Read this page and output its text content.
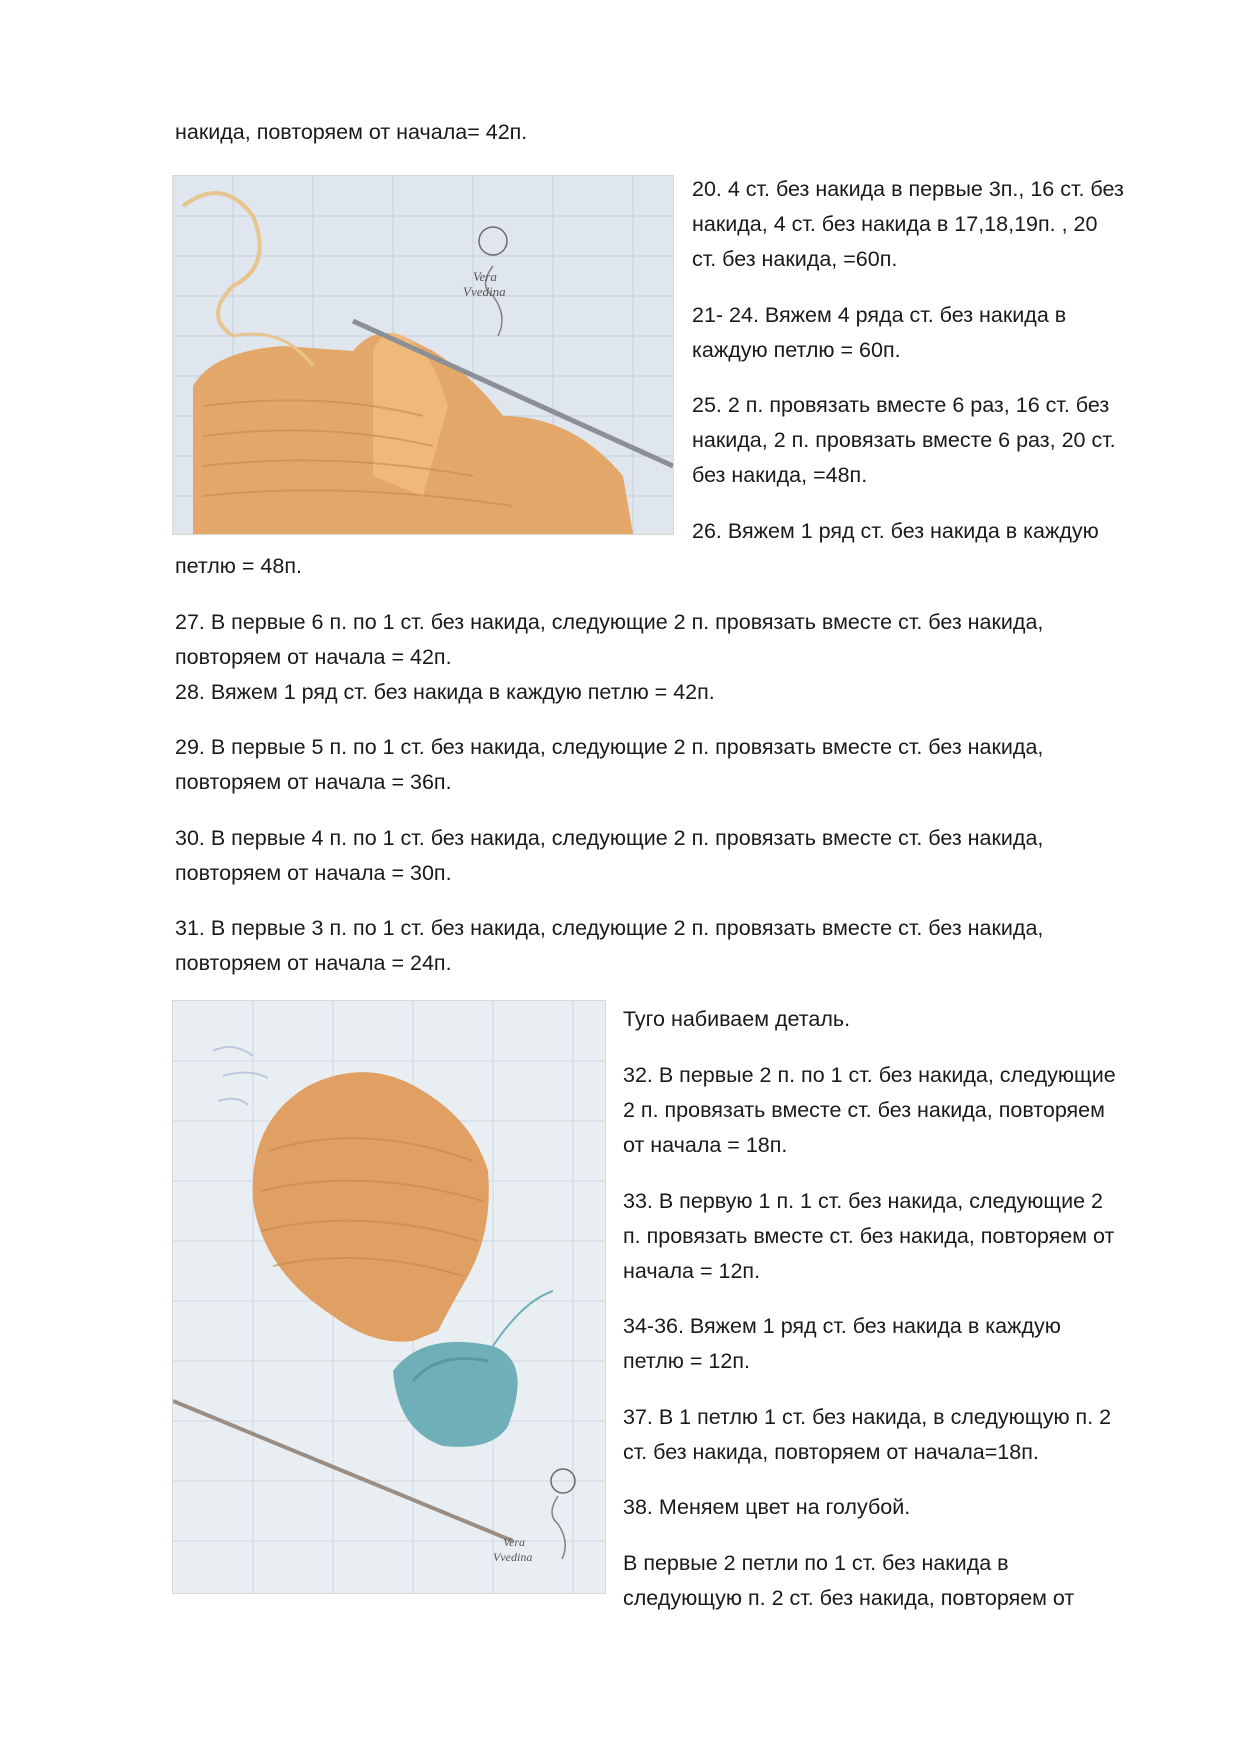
накида, повторяем от начала= 42п.

Vera
Vvedina

20. 4 ст. без накида в первые 3п., 16 ст. без

накида, 4 ст. без накида в 17,18,19п. , 20

ст. без накида, =60п.

21- 24. Вяжем 4 ряда ст. без накида в

каждую петлю = 60п.

25. 2 п. провязать вместе 6 раз, 16 ст. без

накида, 2 п. провязать вместе 6 раз, 20 ст.

без накида, =48п.

26. Вяжем 1 ряд ст. без накида в каждую

петлю = 48п.

27. В первые 6 п. по 1 ст. без накида, следующие 2 п. провязать вместе ст. без накида,

повторяем от начала = 42п.

28. Вяжем 1 ряд ст. без накида в каждую петлю = 42п.

29. В первые 5 п. по 1 ст. без накида, следующие 2 п. провязать вместе ст. без накида,

повторяем от начала = 36п.

30. В первые 4 п. по 1 ст. без накида, следующие 2 п. провязать вместе ст. без накида,

повторяем от начала = 30п.

31. В первые 3 п. по 1 ст. без накида, следующие 2 п. провязать вместе ст. без накида,

повторяем от начала = 24п.

Vera
Vvedina

Туго набиваем деталь.

32. В первые 2 п. по 1 ст. без накида, следующие

2 п. провязать вместе ст. без накида, повторяем

от начала = 18п.

33. В первую 1 п. 1 ст. без накида, следующие 2

п. провязать вместе ст. без накида, повторяем от

начала = 12п.

34-36. Вяжем 1 ряд ст. без накида в каждую

петлю = 12п.

37. В 1 петлю 1 ст. без накида, в следующую п. 2

ст. без накида, повторяем от начала=18п.

38. Меняем цвет на голубой.

В первые 2 петли по 1 ст. без накида в

следующую п. 2 ст. без накида, повторяем от
